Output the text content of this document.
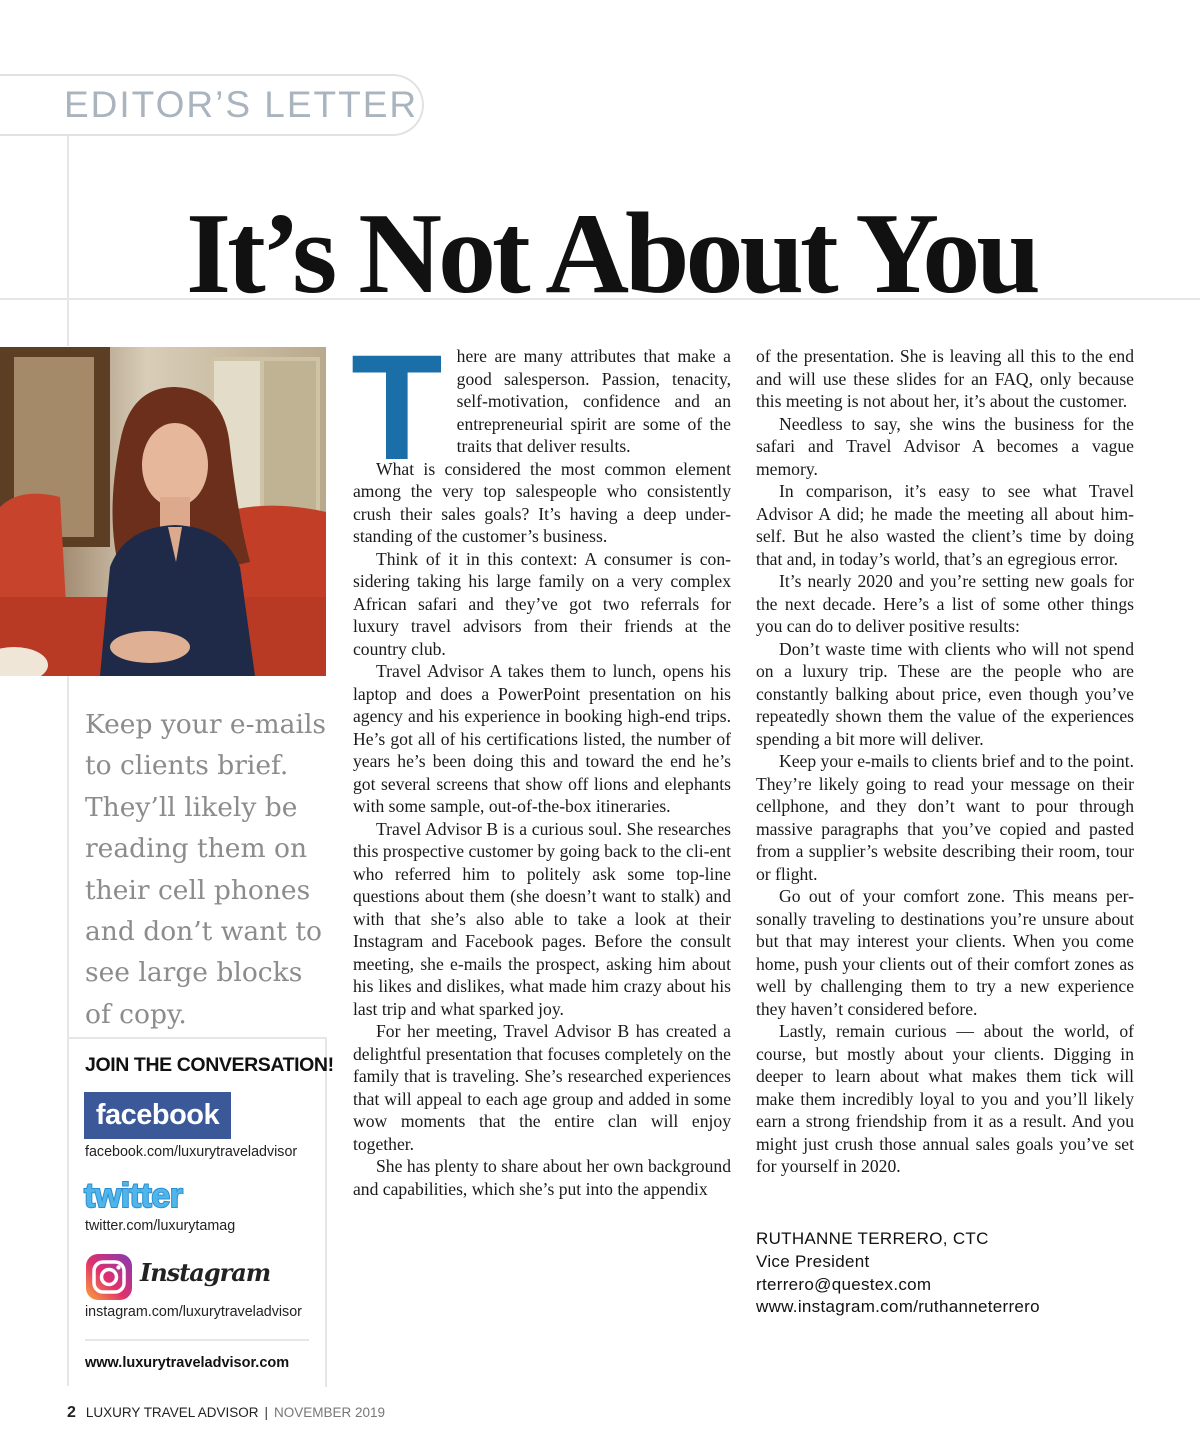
EDITOR’S LETTER
It’s Not About You
Keep your e-mails to clients brief. They’ll likely be reading them on their cell phones and don’t want to see large blocks of copy.
JOIN THE CONVERSATION!
facebook
facebook.com/luxurytraveladvisor
twitter
twitter.com/luxurytamag
Instagram
instagram.com/luxurytraveladvisor
www.luxurytraveladvisor.com

There are many attributes that make a good salesperson. Passion, tenacity, self-motivation, confidence and an entrepreneurial spirit are some of the traits that deliver results.

What is considered the most common element among the very top salespeople who consistently crush their sales goals? It’s having a deep under-standing of the customer’s business.

Think of it in this context: A consumer is con-sidering taking his large family on a very complex African safari and they’ve got two referrals for luxury travel advisors from their friends at the country club.

Travel Advisor A takes them to lunch, opens his laptop and does a PowerPoint presentation on his agency and his experience in booking high-end trips. He’s got all of his certifications listed, the number of years he’s been doing this and toward the end he’s got several screens that show off lions and elephants with some sample, out-of-the-box itineraries.

Travel Advisor B is a curious soul. She researches this prospective customer by going back to the cli-ent who referred him to politely ask some top-line questions about them (she doesn’t want to stalk) and with that she’s also able to take a look at their Instagram and Facebook pages. Before the consult meeting, she e-mails the prospect, asking him about his likes and dislikes, what made him crazy about his last trip and what sparked joy.

For her meeting, Travel Advisor B has created a delightful presentation that focuses completely on the family that is traveling. She’s researched experiences that will appeal to each age group and added in some wow moments that the entire clan will enjoy together.

She has plenty to share about her own background and capabilities, which she’s put into the appendix

of the presentation. She is leaving all this to the end and will use these slides for an FAQ, only because this meeting is not about her, it’s about the customer.

Needless to say, she wins the business for the safari and Travel Advisor A becomes a vague memory.

In comparison, it’s easy to see what Travel Advisor A did; he made the meeting all about him-self. But he also wasted the client’s time by doing that and, in today’s world, that’s an egregious error.

It’s nearly 2020 and you’re setting new goals for the next decade. Here’s a list of some other things you can do to deliver positive results:

Don’t waste time with clients who will not spend on a luxury trip. These are the people who are constantly balking about price, even though you’ve repeatedly shown them the value of the experiences spending a bit more will deliver.

Keep your e-mails to clients brief and to the point. They’re likely going to read your message on their cellphone, and they don’t want to pour through massive paragraphs that you’ve copied and pasted from a supplier’s website describing their room, tour or flight.

Go out of your comfort zone. This means per-sonally traveling to destinations you’re unsure about but that may interest your clients. When you come home, push your clients out of their comfort zones as well by challenging them to try a new experience they haven’t considered before.

Lastly, remain curious — about the world, of course, but mostly about your clients. Digging in deeper to learn about what makes them tick will make them incredibly loyal to you and you’ll likely earn a strong friendship from it as a result. And you might just crush those annual sales goals you’ve set for yourself in 2020.

RUTHANNE TERRERO, CTC
Vice President
rterrero@questex.com
www.instagram.com/ruthanneterrero
2 LUXURY TRAVEL ADVISOR | NOVEMBER 2019
